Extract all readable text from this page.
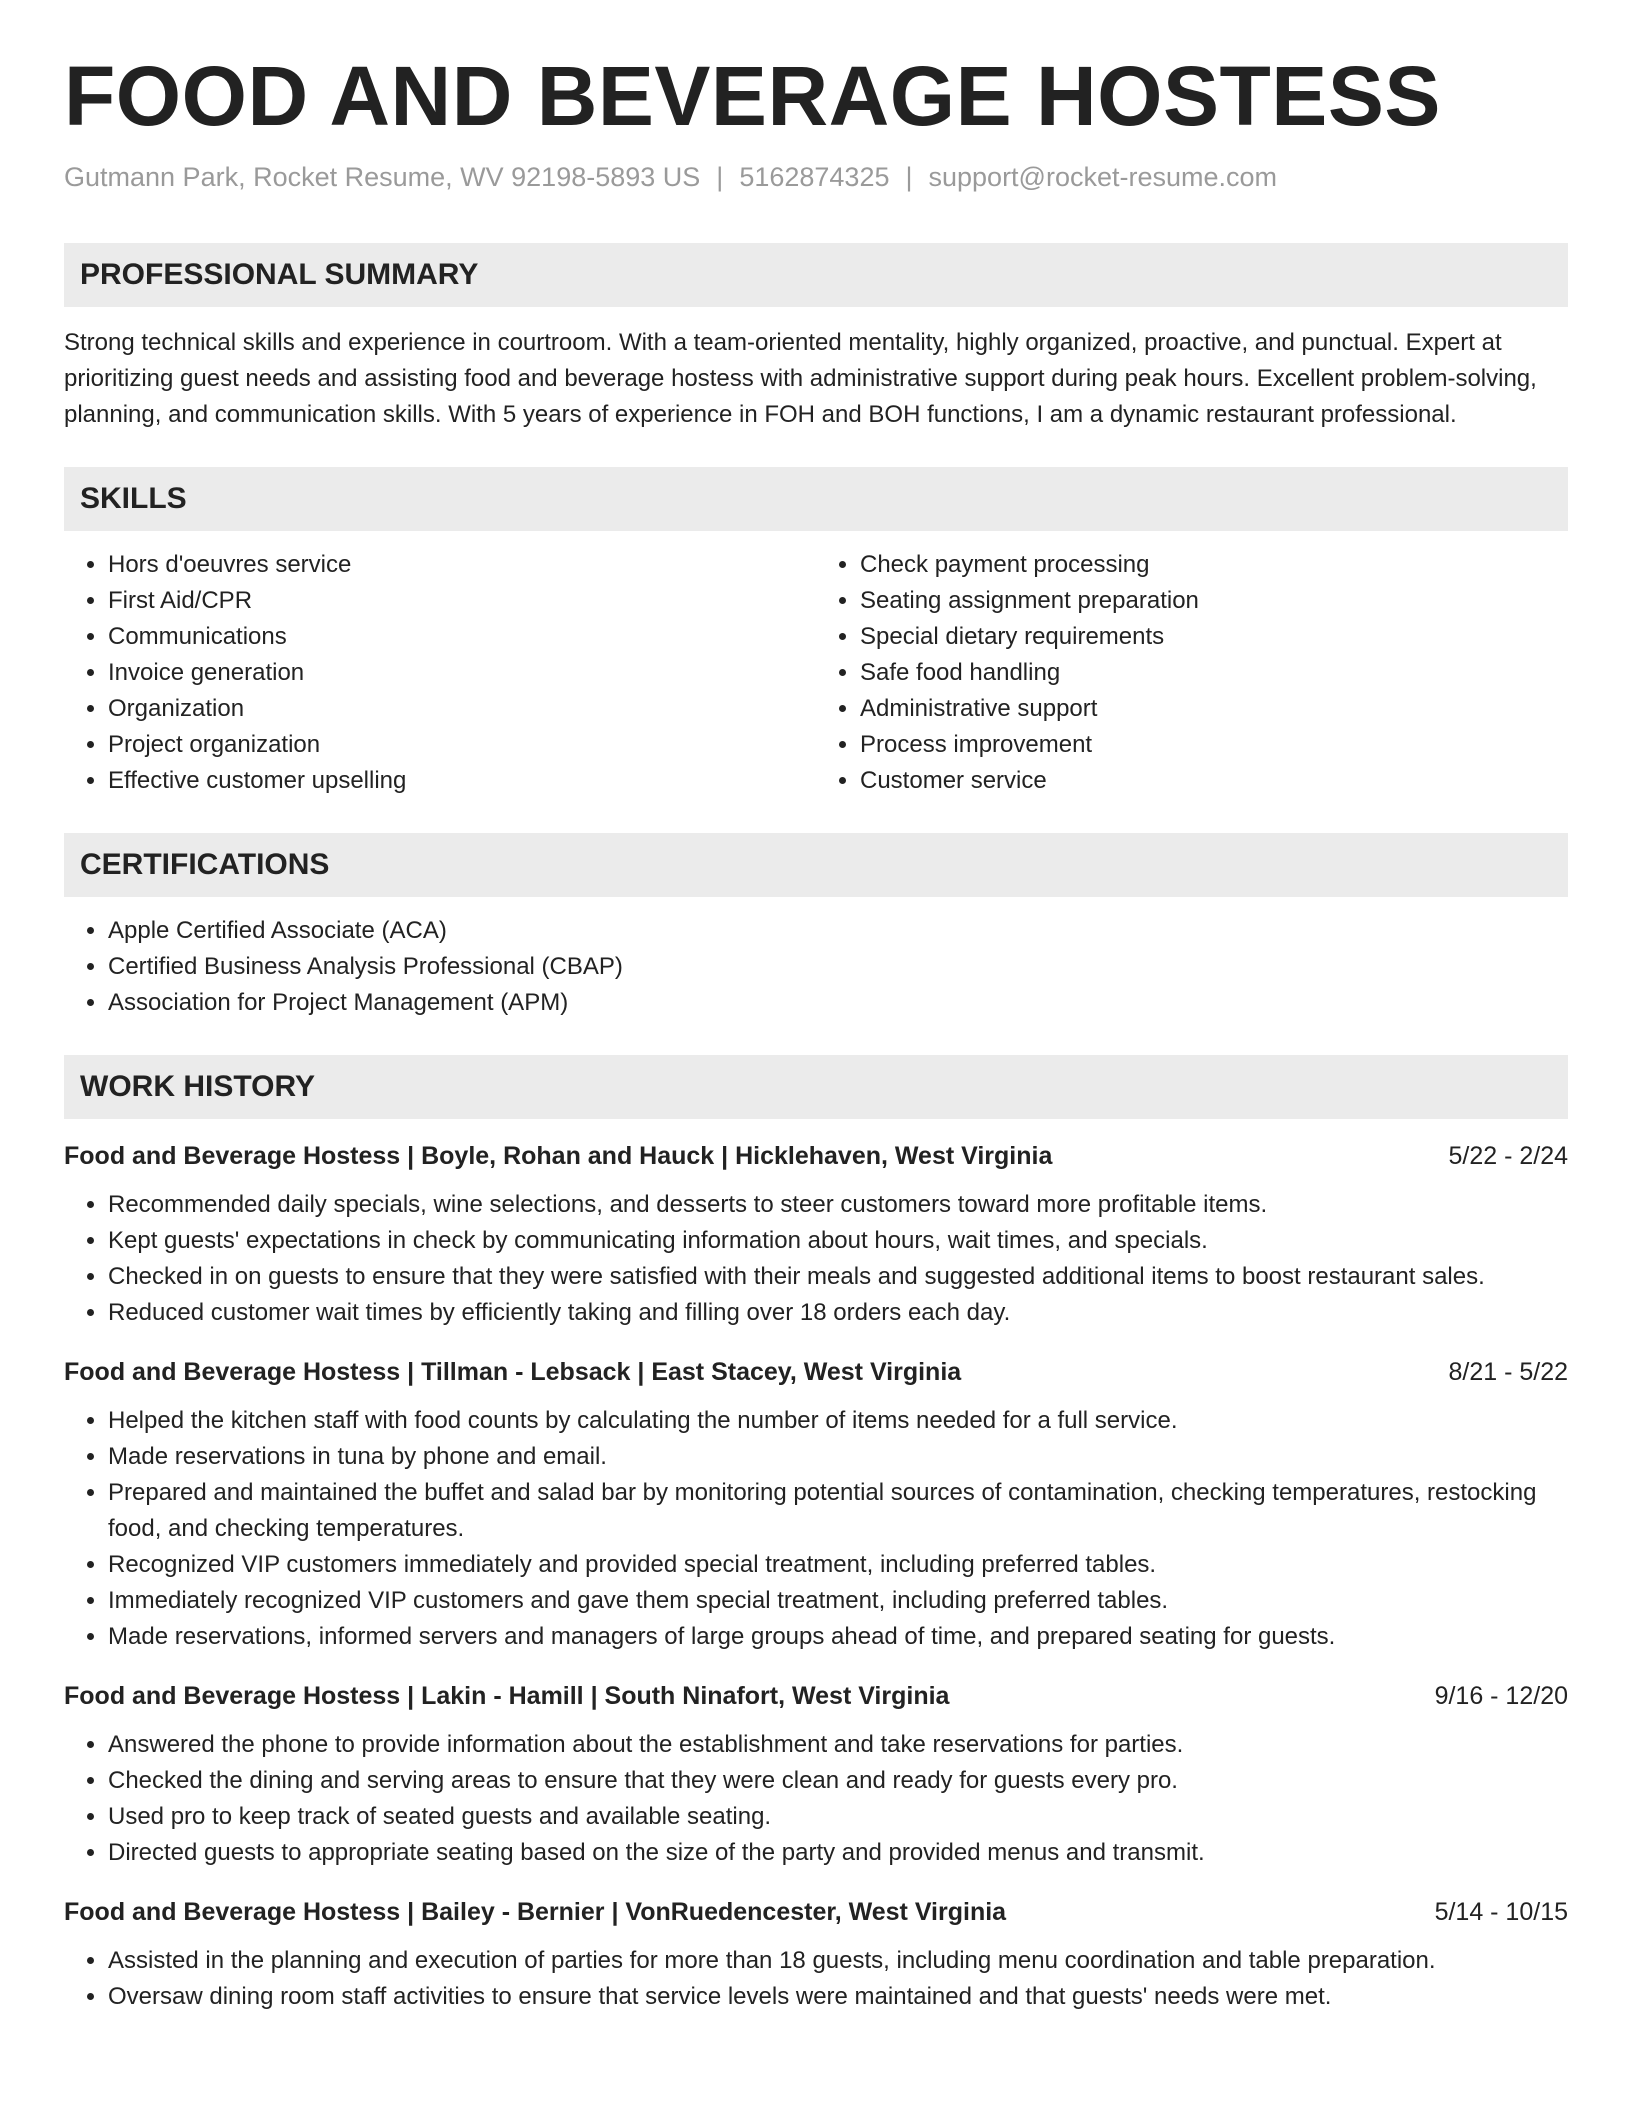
FOOD AND BEVERAGE HOSTESS
Gutmann Park, Rocket Resume, WV 92198-5893 US | 5162874325 | support@rocket-resume.com
PROFESSIONAL SUMMARY
Strong technical skills and experience in courtroom. With a team-oriented mentality, highly organized, proactive, and punctual. Expert at prioritizing guest needs and assisting food and beverage hostess with administrative support during peak hours. Excellent problem-solving, planning, and communication skills. With 5 years of experience in FOH and BOH functions, I am a dynamic restaurant professional.
SKILLS
• Hors d'oeuvres service
• First Aid/CPR
• Communications
• Invoice generation
• Organization
• Project organization
• Effective customer upselling
• Check payment processing
• Seating assignment preparation
• Special dietary requirements
• Safe food handling
• Administrative support
• Process improvement
• Customer service
CERTIFICATIONS
• Apple Certified Associate (ACA)
• Certified Business Analysis Professional (CBAP)
• Association for Project Management (APM)
WORK HISTORY
Food and Beverage Hostess | Boyle, Rohan and Hauck | Hicklehaven, West Virginia	5/22 - 2/24
• Recommended daily specials, wine selections, and desserts to steer customers toward more profitable items.
• Kept guests' expectations in check by communicating information about hours, wait times, and specials.
• Checked in on guests to ensure that they were satisfied with their meals and suggested additional items to boost restaurant sales.
• Reduced customer wait times by efficiently taking and filling over 18 orders each day.
Food and Beverage Hostess | Tillman - Lebsack | East Stacey, West Virginia	8/21 - 5/22
• Helped the kitchen staff with food counts by calculating the number of items needed for a full service.
• Made reservations in tuna by phone and email.
• Prepared and maintained the buffet and salad bar by monitoring potential sources of contamination, checking temperatures, restocking food, and checking temperatures.
• Recognized VIP customers immediately and provided special treatment, including preferred tables.
• Immediately recognized VIP customers and gave them special treatment, including preferred tables.
• Made reservations, informed servers and managers of large groups ahead of time, and prepared seating for guests.
Food and Beverage Hostess | Lakin - Hamill | South Ninafort, West Virginia	9/16 - 12/20
• Answered the phone to provide information about the establishment and take reservations for parties.
• Checked the dining and serving areas to ensure that they were clean and ready for guests every pro.
• Used pro to keep track of seated guests and available seating.
• Directed guests to appropriate seating based on the size of the party and provided menus and transmit.
Food and Beverage Hostess | Bailey - Bernier | VonRuedencester, West Virginia	5/14 - 10/15
• Assisted in the planning and execution of parties for more than 18 guests, including menu coordination and table preparation.
• Oversaw dining room staff activities to ensure that service levels were maintained and that guests' needs were met.
